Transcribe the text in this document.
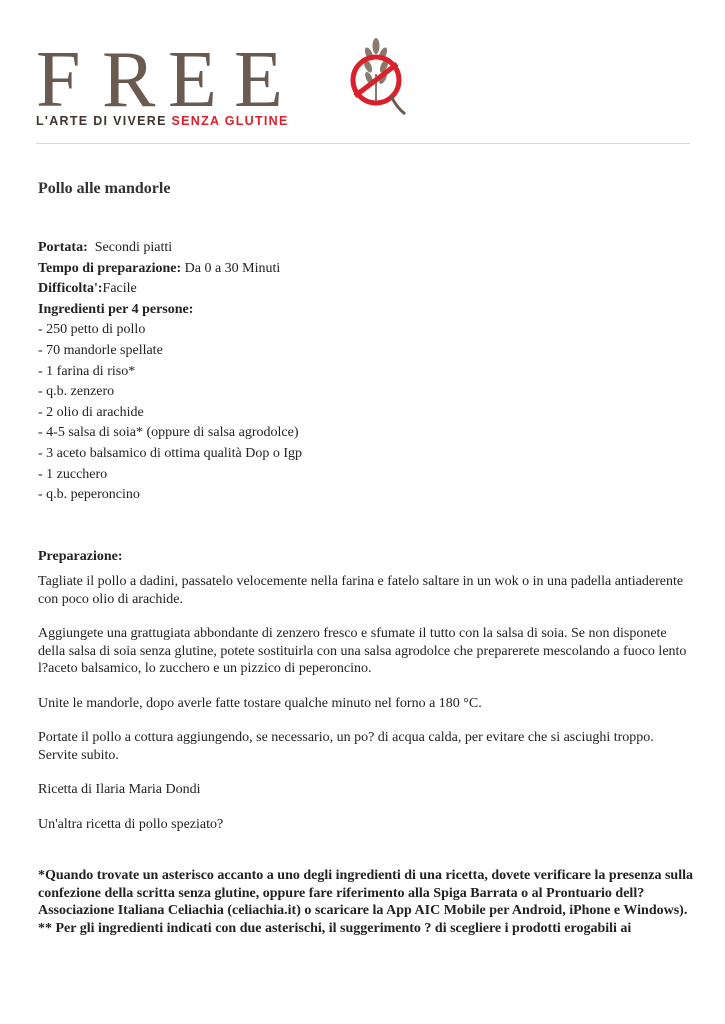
F R E E
L'ARTE DI VIVERE SENZA GLUTINE
Pollo alle mandorle
Portata: Secondi piatti
Tempo di preparazione: Da 0 a 30 Minuti
Difficolta':Facile
Ingredienti per 4 persone:
- 250 petto di pollo
- 70 mandorle spellate
- 1 farina di riso*
- q.b. zenzero
- 2 olio di arachide
- 4-5 salsa di soia* (oppure di salsa agrodolce)
- 3 aceto balsamico di ottima qualità Dop o Igp
- 1 zucchero
- q.b. peperoncino
Preparazione:

Tagliate il pollo a dadini, passatelo velocemente nella farina e fatelo saltare in un wok o in una padella antiaderente con poco olio di arachide.

Aggiungete una grattugiata abbondante di zenzero fresco e sfumate il tutto con la salsa di soia. Se non disponete della salsa di soia senza glutine, potete sostituirla con una salsa agrodolce che preparerete mescolando a fuoco lento l?aceto balsamico, lo zucchero e un pizzico di peperoncino.

Unite le mandorle, dopo averle fatte tostare qualche minuto nel forno a 180 °C.

Portate il pollo a cottura aggiungendo, se necessario, un po? di acqua calda, per evitare che si asciughi troppo. Servite subito.

Ricetta di Ilaria Maria Dondi

Un'altra ricetta di pollo speziato?

*Quando trovate un asterisco accanto a uno degli ingredienti di una ricetta, dovete verificare la presenza sulla confezione della scritta senza glutine, oppure fare riferimento alla Spiga Barrata o al Prontuario dell?Associazione Italiana Celiachia (celiachia.it) o scaricare la App AIC Mobile per Android, iPhone e Windows).

** Per gli ingredienti indicati con due asterischi, il suggerimento ? di scegliere i prodotti erogabili ai
